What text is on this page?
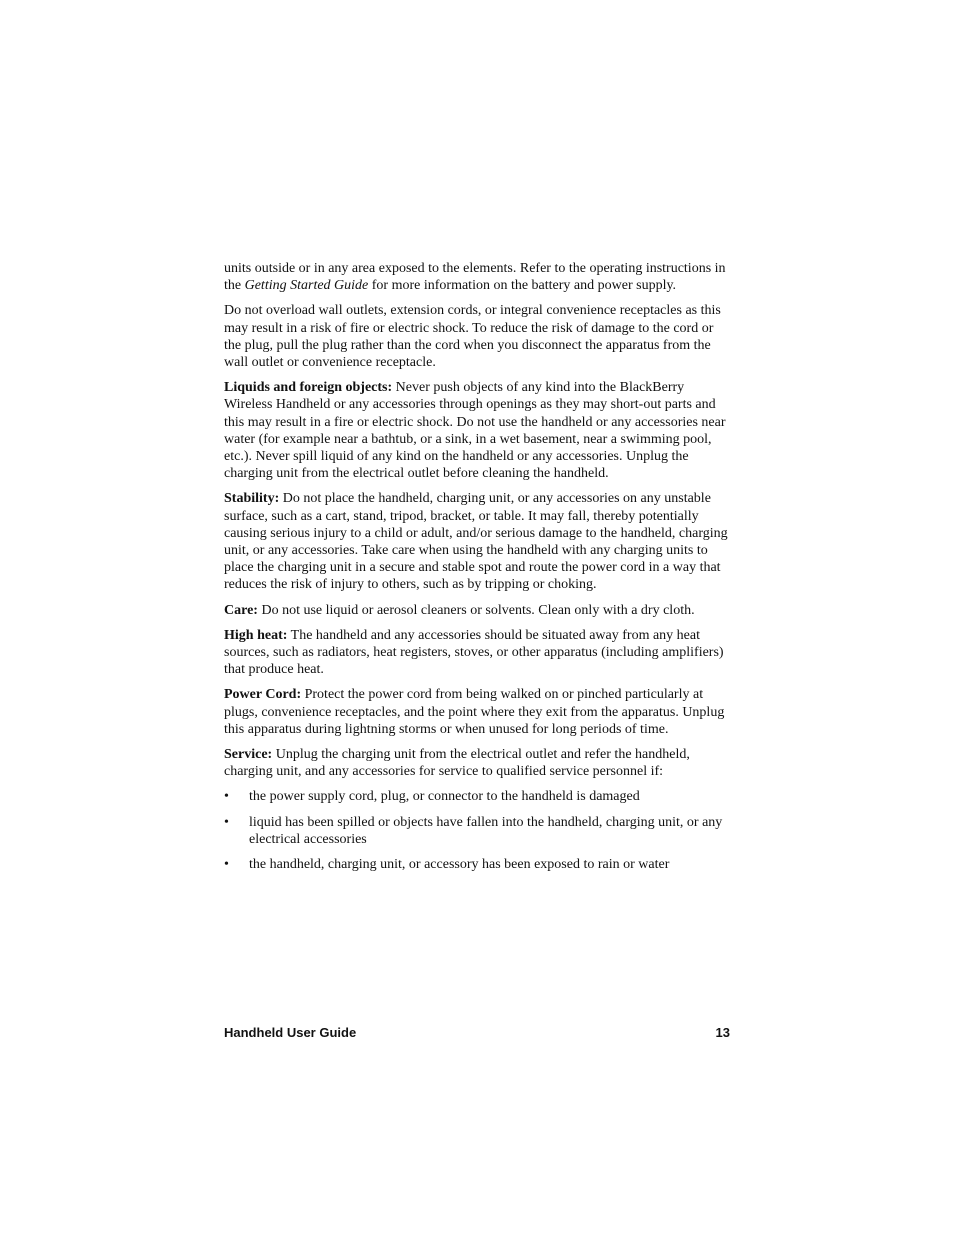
units outside or in any area exposed to the elements. Refer to the operating instructions in the Getting Started Guide for more information on the battery and power supply.

Do not overload wall outlets, extension cords, or integral convenience receptacles as this may result in a risk of fire or electric shock. To reduce the risk of damage to the cord or the plug, pull the plug rather than the cord when you disconnect the apparatus from the wall outlet or convenience receptacle.

Liquids and foreign objects: Never push objects of any kind into the BlackBerry Wireless Handheld or any accessories through openings as they may short-out parts and this may result in a fire or electric shock. Do not use the handheld or any accessories near water (for example near a bathtub, or a sink, in a wet basement, near a swimming pool, etc.). Never spill liquid of any kind on the handheld or any accessories. Unplug the charging unit from the electrical outlet before cleaning the handheld.

Stability: Do not place the handheld, charging unit, or any accessories on any unstable surface, such as a cart, stand, tripod, bracket, or table. It may fall, thereby potentially causing serious injury to a child or adult, and/or serious damage to the handheld, charging unit, or any accessories. Take care when using the handheld with any charging units to place the charging unit in a secure and stable spot and route the power cord in a way that reduces the risk of injury to others, such as by tripping or choking.

Care: Do not use liquid or aerosol cleaners or solvents. Clean only with a dry cloth.

High heat: The handheld and any accessories should be situated away from any heat sources, such as radiators, heat registers, stoves, or other apparatus (including amplifiers) that produce heat.

Power Cord: Protect the power cord from being walked on or pinched particularly at plugs, convenience receptacles, and the point where they exit from the apparatus. Unplug this apparatus during lightning storms or when unused for long periods of time.

Service: Unplug the charging unit from the electrical outlet and refer the handheld, charging unit, and any accessories for service to qualified service personnel if:

• the power supply cord, plug, or connector to the handheld is damaged
• liquid has been spilled or objects have fallen into the handheld, charging unit, or any electrical accessories
• the handheld, charging unit, or accessory has been exposed to rain or water
Handheld User Guide	13
